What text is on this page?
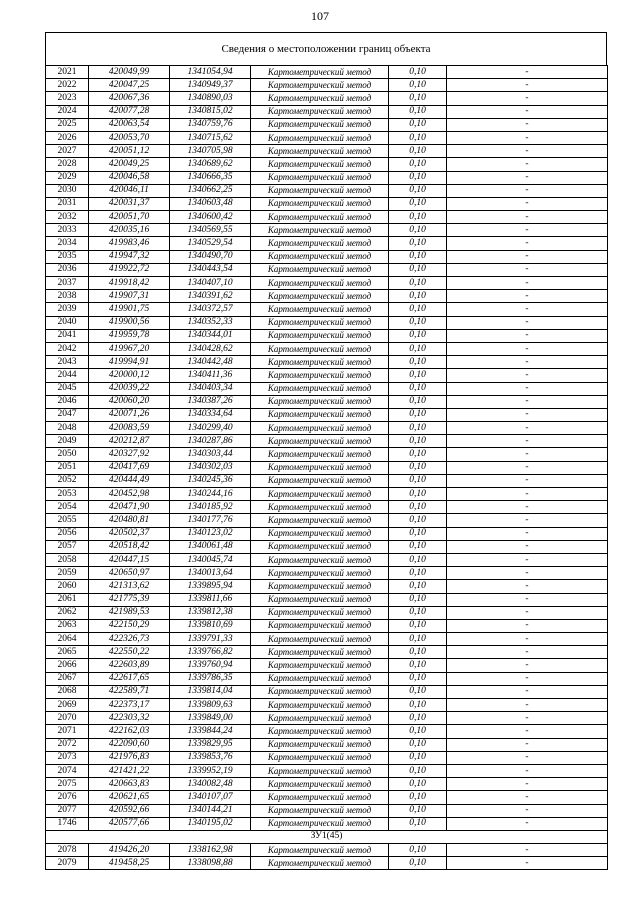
107
Сведения о местоположении границ объекта
2021	420049,99	1341054,94	Картометрический метод	0,10	-
2022	420047,25	1340949,37	Картометрический метод	0,10	-
2023	420067,36	1340890,03	Картометрический метод	0,10	-
2024	420077,28	1340815,02	Картометрический метод	0,10	-
2025	420063,54	1340759,76	Картометрический метод	0,10	-
2026	420053,70	1340715,62	Картометрический метод	0,10	-
2027	420051,12	1340705,98	Картометрический метод	0,10	-
2028	420049,25	1340689,62	Картометрический метод	0,10	-
2029	420046,58	1340666,35	Картометрический метод	0,10	-
2030	420046,11	1340662,25	Картометрический метод	0,10	-
2031	420031,37	1340603,48	Картометрический метод	0,10	-
2032	420051,70	1340600,42	Картометрический метод	0,10	-
2033	420035,16	1340569,55	Картометрический метод	0,10	-
2034	419983,46	1340529,54	Картометрический метод	0,10	-
2035	419947,32	1340490,70	Картометрический метод	0,10	-
2036	419922,72	1340443,54	Картометрический метод	0,10	-
2037	419918,42	1340407,10	Картометрический метод	0,10	-
2038	419907,31	1340391,62	Картометрический метод	0,10	-
2039	419901,75	1340372,57	Картометрический метод	0,10	-
2040	419900,56	1340352,33	Картометрический метод	0,10	-
2041	419959,78	1340344,01	Картометрический метод	0,10	-
2042	419967,20	1340428,62	Картометрический метод	0,10	-
2043	419994,91	1340442,48	Картометрический метод	0,10	-
2044	420000,12	1340411,36	Картометрический метод	0,10	-
2045	420039,22	1340403,34	Картометрический метод	0,10	-
2046	420060,20	1340387,26	Картометрический метод	0,10	-
2047	420071,26	1340334,64	Картометрический метод	0,10	-
2048	420083,59	1340299,40	Картометрический метод	0,10	-
2049	420212,87	1340287,86	Картометрический метод	0,10	-
2050	420327,92	1340303,44	Картометрический метод	0,10	-
2051	420417,69	1340302,03	Картометрический метод	0,10	-
2052	420444,49	1340245,36	Картометрический метод	0,10	-
2053	420452,98	1340244,16	Картометрический метод	0,10	-
2054	420471,90	1340185,92	Картометрический метод	0,10	-
2055	420480,81	1340177,76	Картометрический метод	0,10	-
2056	420502,37	1340123,02	Картометрический метод	0,10	-
2057	420518,42	1340061,48	Картометрический метод	0,10	-
2058	420447,15	1340045,74	Картометрический метод	0,10	-
2059	420650,97	1340013,64	Картометрический метод	0,10	-
2060	421313,62	1339895,94	Картометрический метод	0,10	-
2061	421775,39	1339811,66	Картометрический метод	0,10	-
2062	421989,53	1339812,38	Картометрический метод	0,10	-
2063	422150,29	1339810,69	Картометрический метод	0,10	-
2064	422326,73	1339791,33	Картометрический метод	0,10	-
2065	422550,22	1339766,82	Картометрический метод	0,10	-
2066	422603,89	1339760,94	Картометрический метод	0,10	-
2067	422617,65	1339786,35	Картометрический метод	0,10	-
2068	422589,71	1339814,04	Картометрический метод	0,10	-
2069	422373,17	1339809,63	Картометрический метод	0,10	-
2070	422303,32	1339849,00	Картометрический метод	0,10	-
2071	422162,03	1339844,24	Картометрический метод	0,10	-
2072	422090,60	1339829,95	Картометрический метод	0,10	-
2073	421976,83	1339853,76	Картометрический метод	0,10	-
2074	421421,22	1339952,19	Картометрический метод	0,10	-
2075	420663,83	1340082,48	Картометрический метод	0,10	-
2076	420621,65	1340107,07	Картометрический метод	0,10	-
2077	420592,66	1340144,21	Картометрический метод	0,10	-
1746	420577,66	1340195,02	Картометрический метод	0,10	-
ЗУ1(45)					
2078	419426,20	1338162,98	Картометрический метод	0,10	-
2079	419458,25	1338098,88	Картометрический метод	0,10	-
